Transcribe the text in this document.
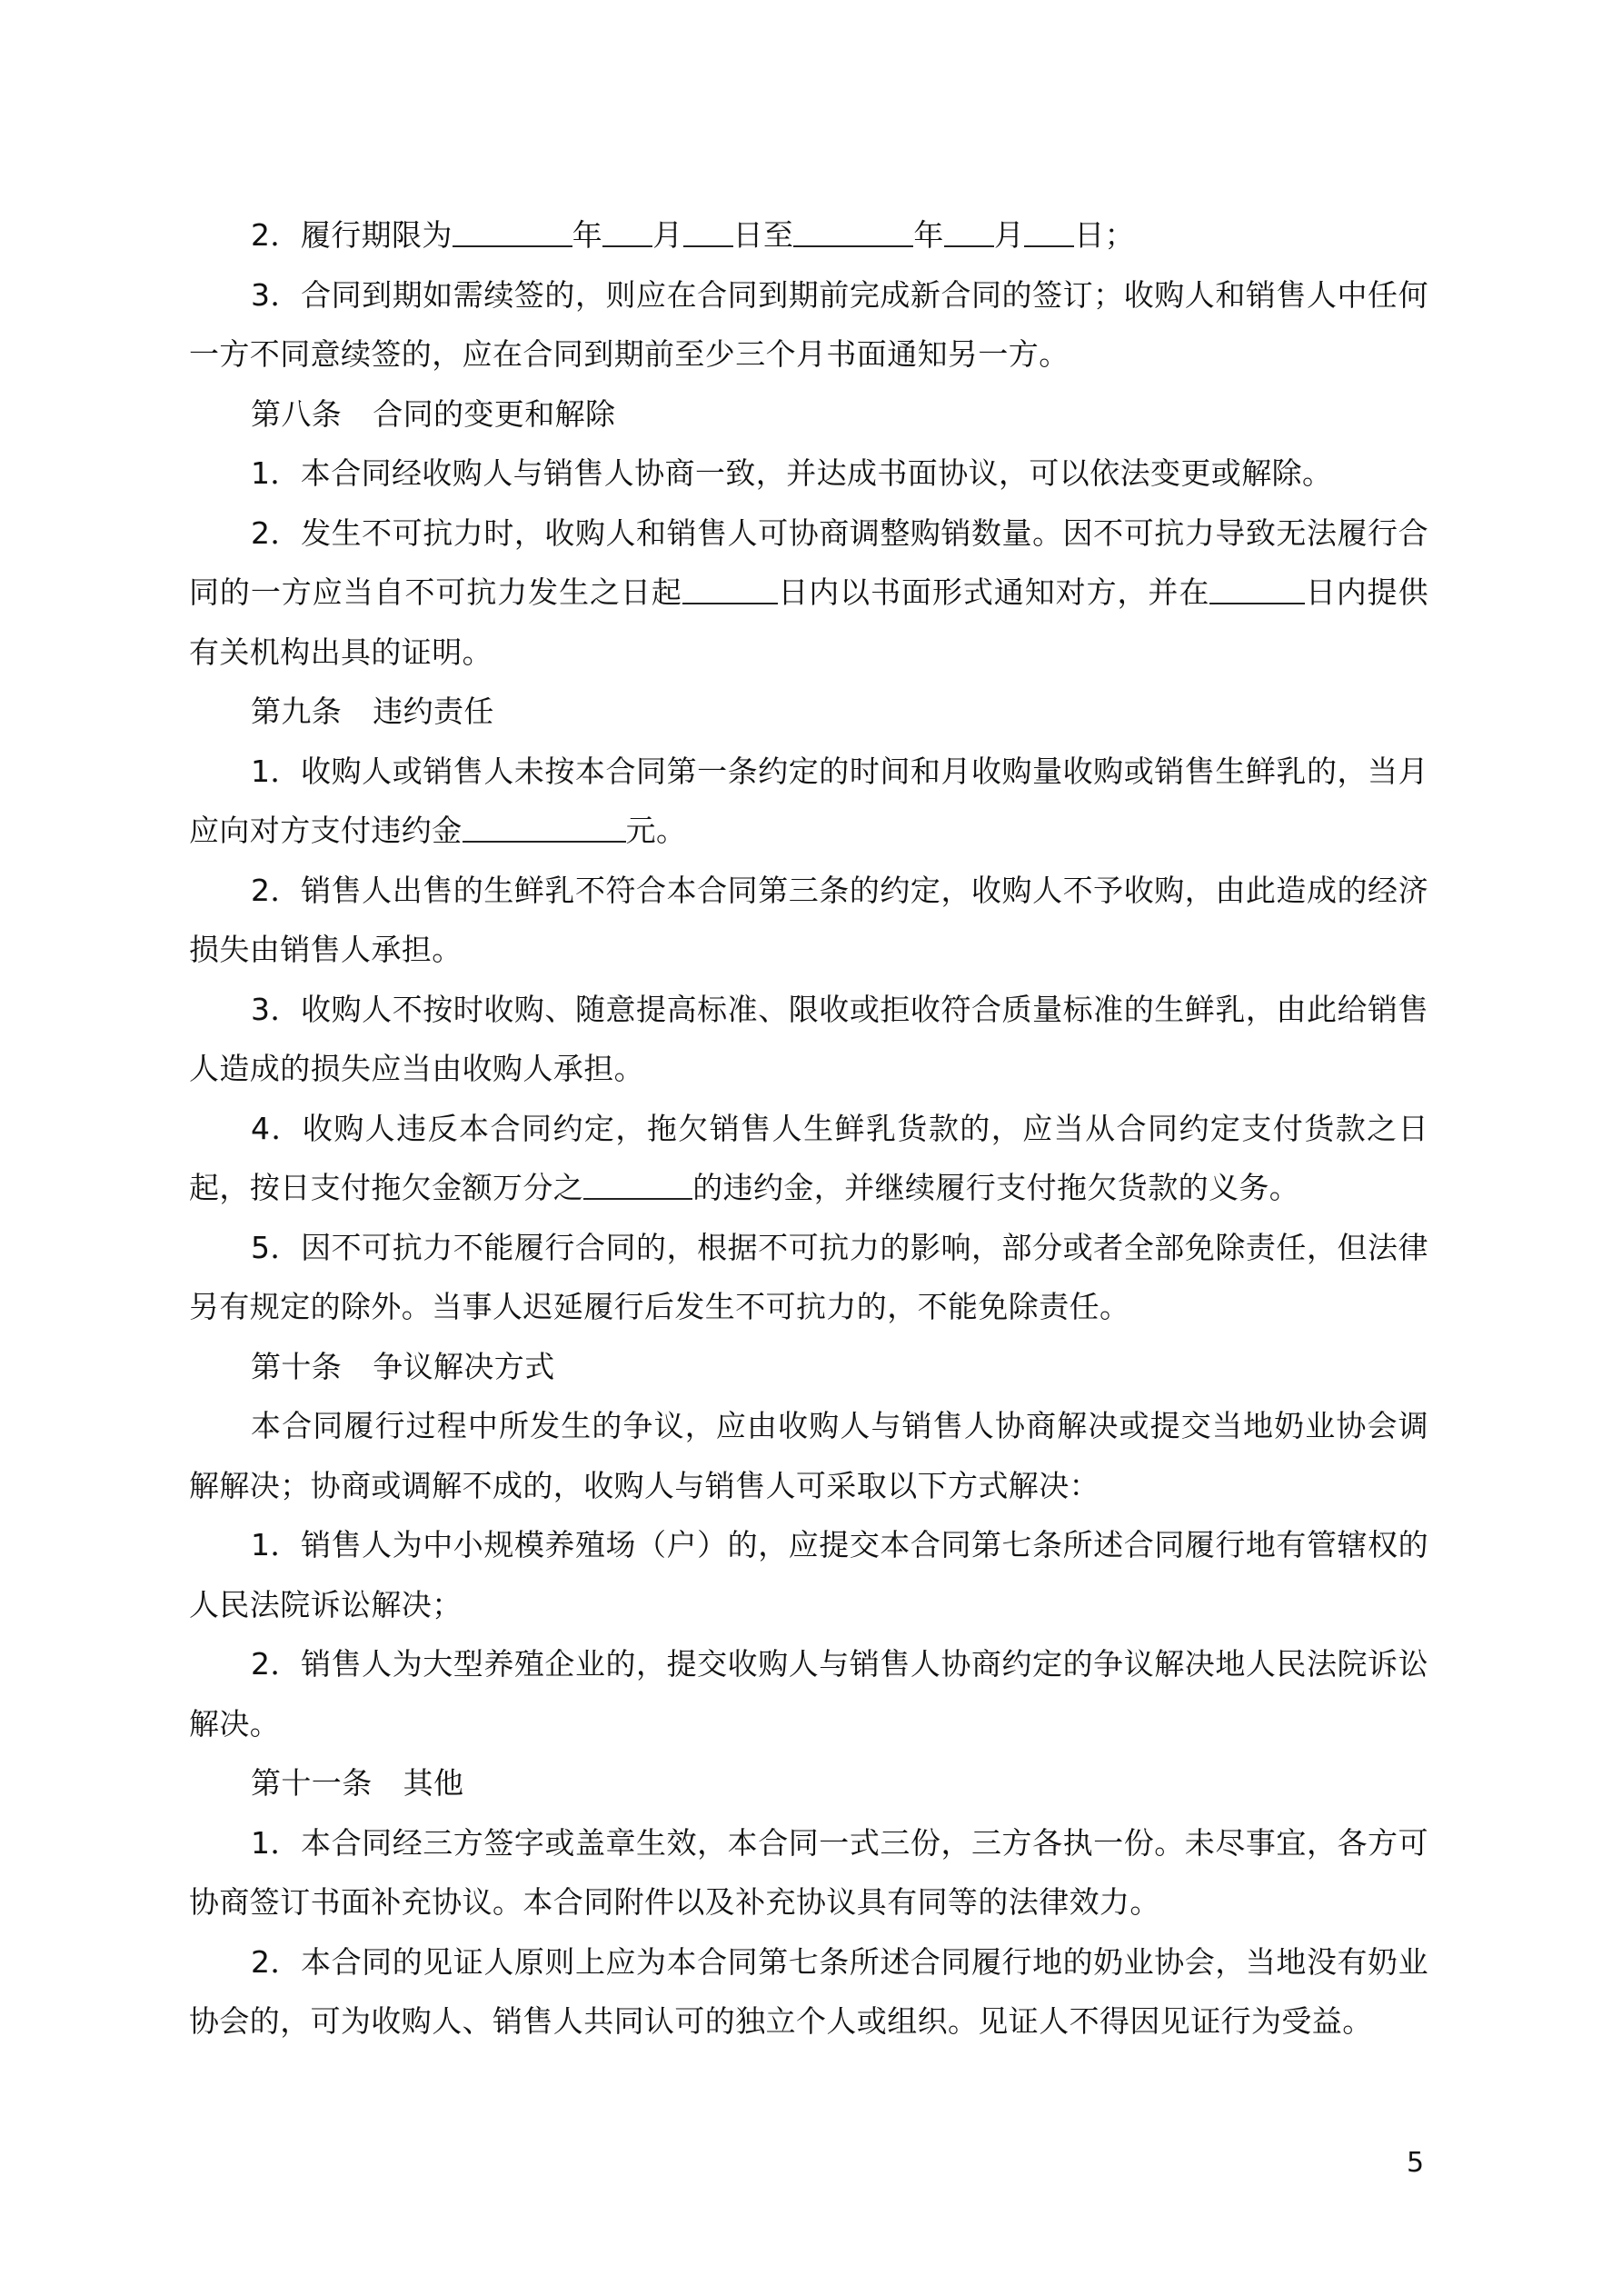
2．履行期限为	年 月 日至	年 月 日；

3．合同到期如需续签的，则应在合同到期前完成新合同的签订；收购人和销售人中任何一方不同意续签的，应在合同到期前至少三个月书面通知另一方。

第八条 合同的变更和解除

1．本合同经收购人与销售人协商一致，并达成书面协议，可以依法变更或解除。

2．发生不可抗力时，收购人和销售人可协商调整购销数量。因不可抗力导致无法履行合同的一方应当自不可抗力发生之日起	日内以书面形式通知对方，并在	日内提供有关机构出具的证明。

第九条 违约责任

1．收购人或销售人未按本合同第一条约定的时间和月收购量收购或销售生鲜乳的，当月应向对方支付违约金	元。

2．销售人出售的生鲜乳不符合本合同第三条的约定，收购人不予收购，由此造成的经济损失由销售人承担。

3．收购人不按时收购、随意提高标准、限收或拒收符合质量标准的生鲜乳，由此给销售人造成的损失应当由收购人承担。

4．收购人违反本合同约定，拖欠销售人生鲜乳货款的，应当从合同约定支付货款之日起，按日支付拖欠金额万分之	的违约金，并继续履行支付拖欠货款的义务。

5．因不可抗力不能履行合同的，根据不可抗力的影响，部分或者全部免除责任，但法律另有规定的除外。当事人迟延履行后发生不可抗力的，不能免除责任。

第十条 争议解决方式

本合同履行过程中所发生的争议，应由收购人与销售人协商解决或提交当地奶业协会调解解决；协商或调解不成的，收购人与销售人可采取以下方式解决：

1．销售人为中小规模养殖场（户）的，应提交本合同第七条所述合同履行地有管辖权的人民法院诉讼解决；

2．销售人为大型养殖企业的，提交收购人与销售人协商约定的争议解决地人民法院诉讼解决。

第十一条 其他

1．本合同经三方签字或盖章生效，本合同一式三份，三方各执一份。未尽事宜，各方可协商签订书面补充协议。本合同附件以及补充协议具有同等的法律效力。

2．本合同的见证人原则上应为本合同第七条所述合同履行地的奶业协会，当地没有奶业协会的，可为收购人、销售人共同认可的独立个人或组织。见证人不得因见证行为受益。

5
